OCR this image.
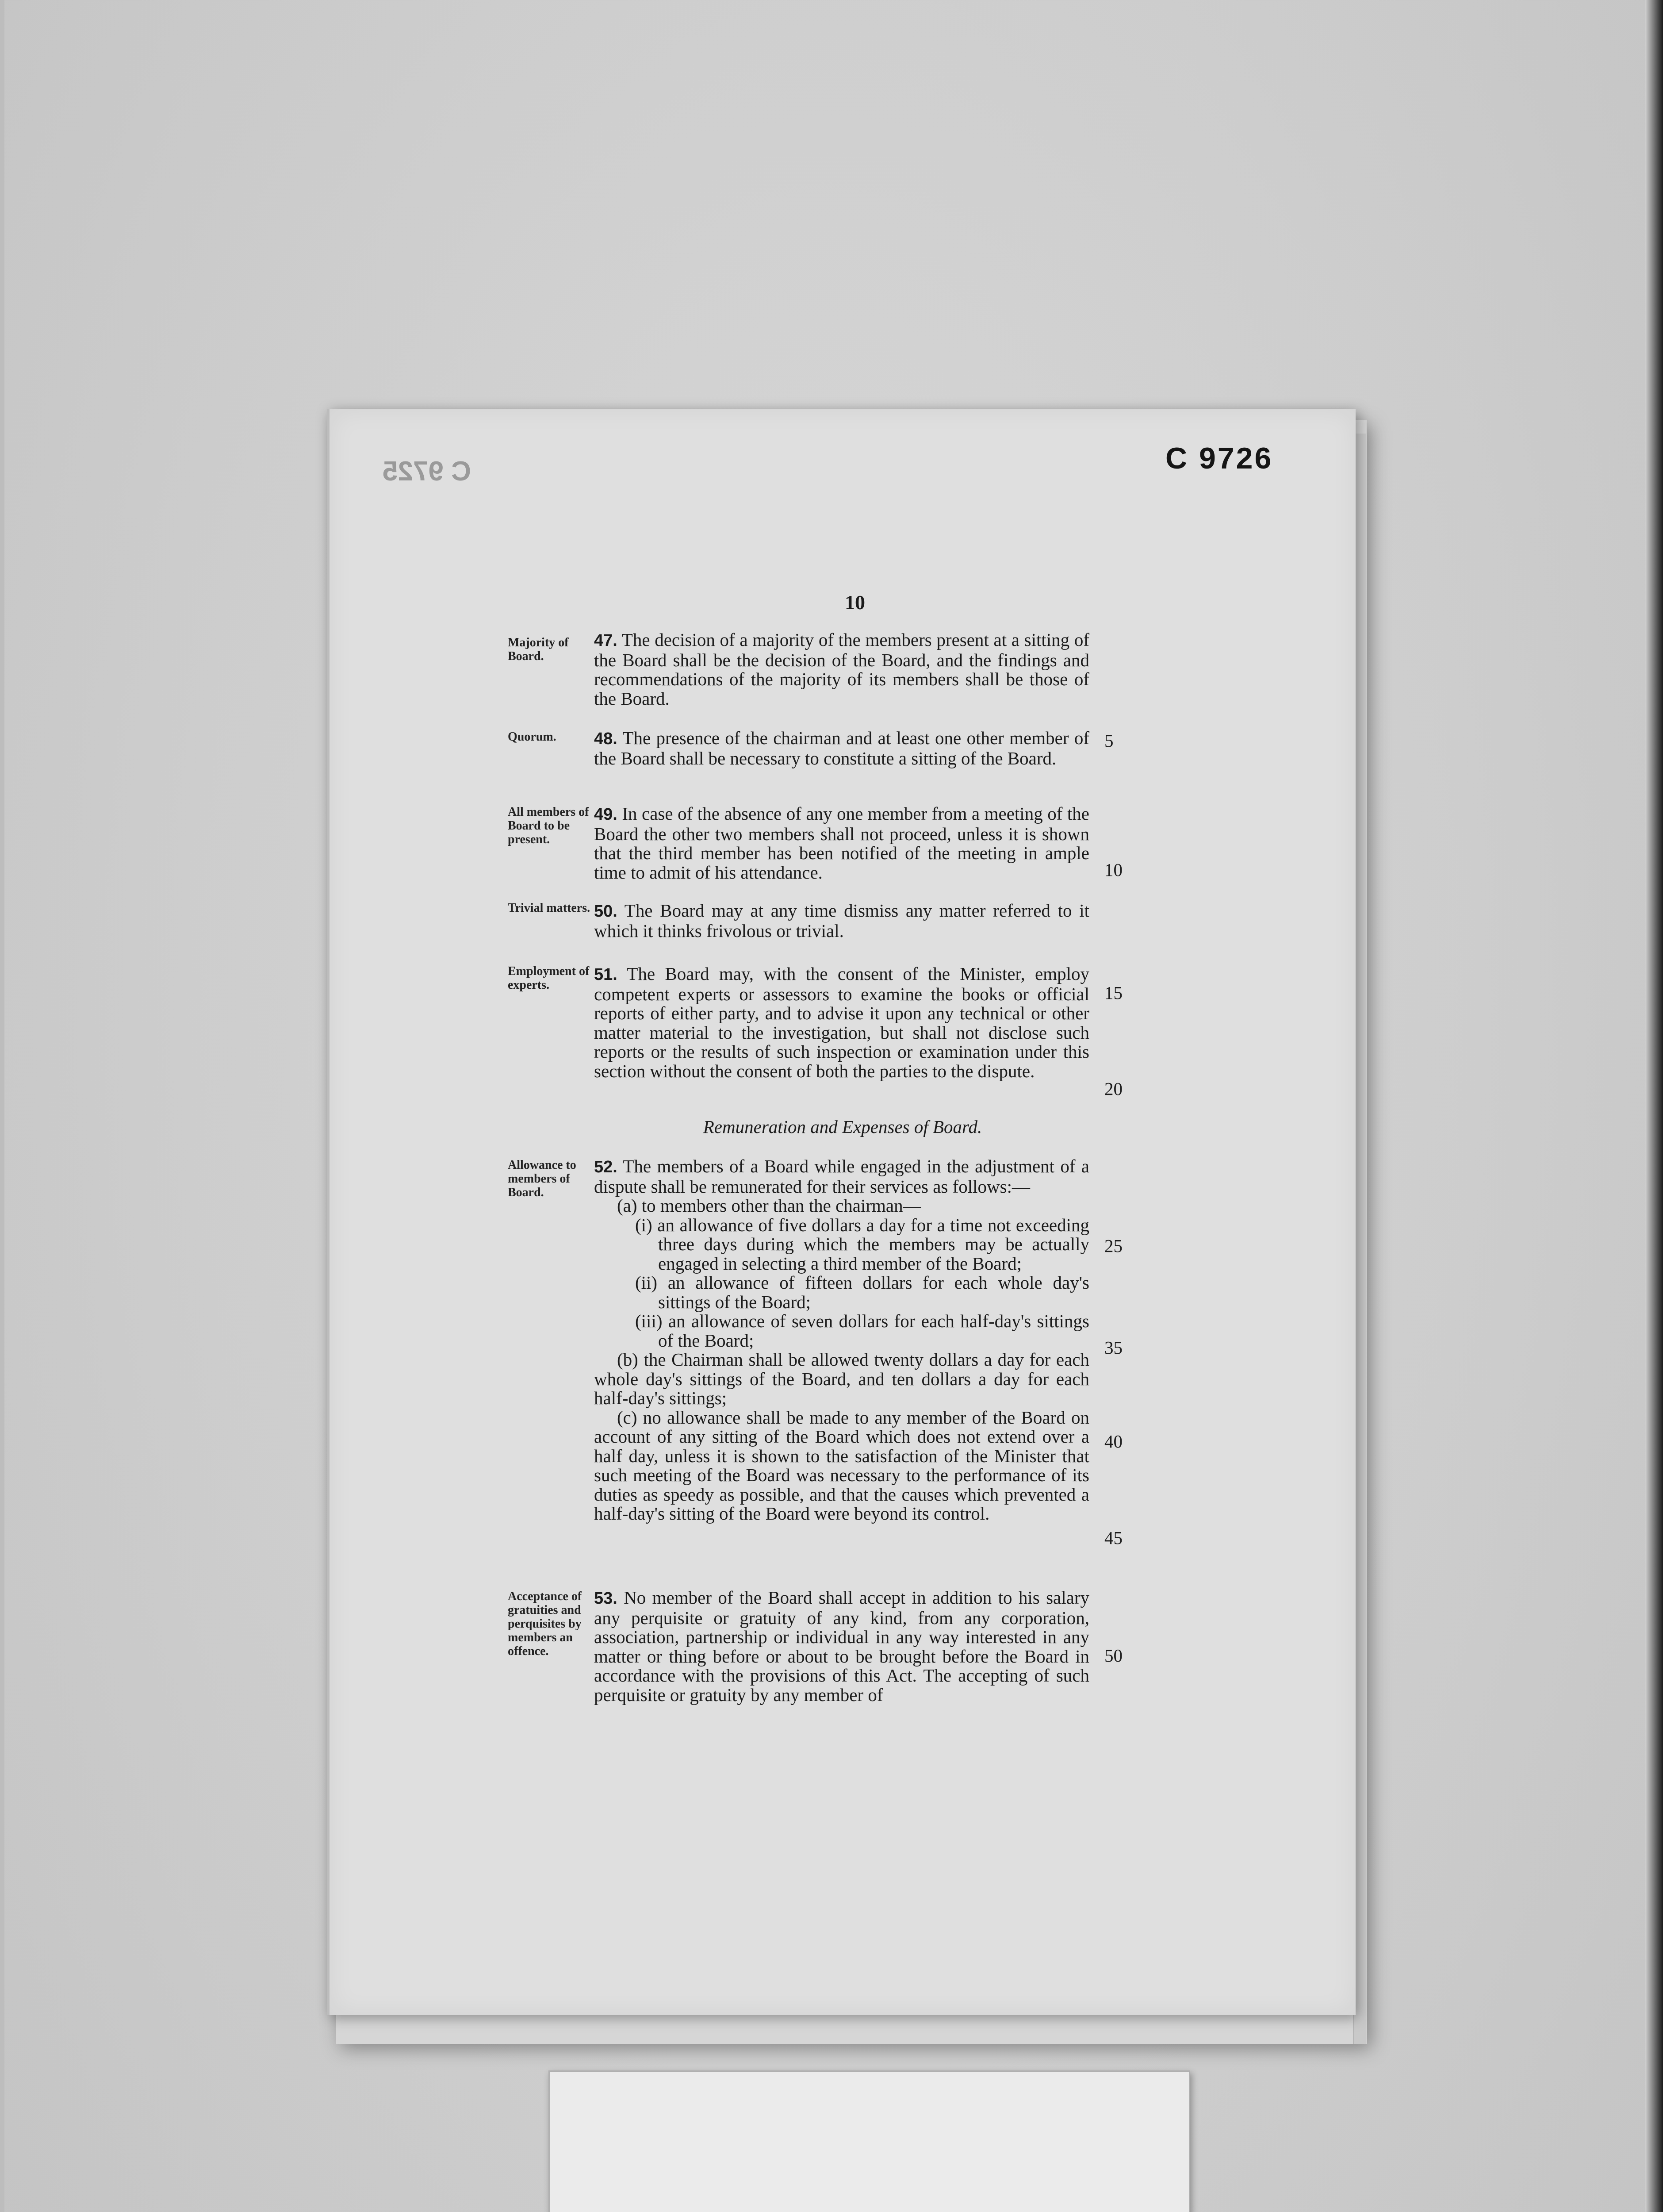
C 9725	C 9726
10
Majority of Board.
47. The decision of a majority of the members present at a sitting of the Board shall be the decision of the Board, and the findings and recommendations of the majority of its members shall be those of the Board.
Quorum.	48. The presence of the chairman and at least one other member of the Board shall be necessary to constitute a sitting of the Board.
All members of Board to be present.
49. In case of the absence of any one member from a meeting of the Board the other two members shall not proceed, unless it is shown that the third member has been notified of the meeting in ample time to admit of his attendance.
Trivial matters. 50. The Board may at any time dismiss any matter referred to it which it thinks frivolous or trivial.
Employment of experts.
51. The Board may, with the consent of the Minister, employ competent experts or assessors to examine the books or official reports of either party, and to advise it upon any technical or other matter material to the investigation, but shall not disclose such reports or the results of such inspection or examination under this section without the consent of both the parties to the dispute.
Remuneration and Expenses of Board.
Allowance to members of Board.
52. The members of a Board while engaged in the adjustment of a dispute shall be remunerated for their services as follows:—
(a) to members other than the chairman—
(i) an allowance of five dollars a day for a time not exceeding three days during which the members may be actually engaged in selecting a third member of the Board;
(ii) an allowance of fifteen dollars for each whole day's sittings of the Board;
(iii) an allowance of seven dollars for each half-day's sittings of the Board;
(b) the Chairman shall be allowed twenty dollars a day for each whole day's sittings of the Board, and ten dollars a day for each half-day's sittings;
(c) no allowance shall be made to any member of the Board on account of any sitting of the Board which does not extend over a half day, unless it is shown to the satisfaction of the Minister that such meeting of the Board was necessary to the performance of its duties as speedy as possible, and that the causes which prevented a half-day's sitting of the Board were beyond its control.
Acceptance of gratuities and perquisites by members an offence.
53. No member of the Board shall accept in addition to his salary any perquisite or gratuity of any kind, from any corporation, association, partnership or individual in any way interested in any matter or thing before or about to be brought before the Board in accordance with the provisions of this Act. The accepting of such perquisite or gratuity by any member of
5
10
15
20
25
35
40
45
50
